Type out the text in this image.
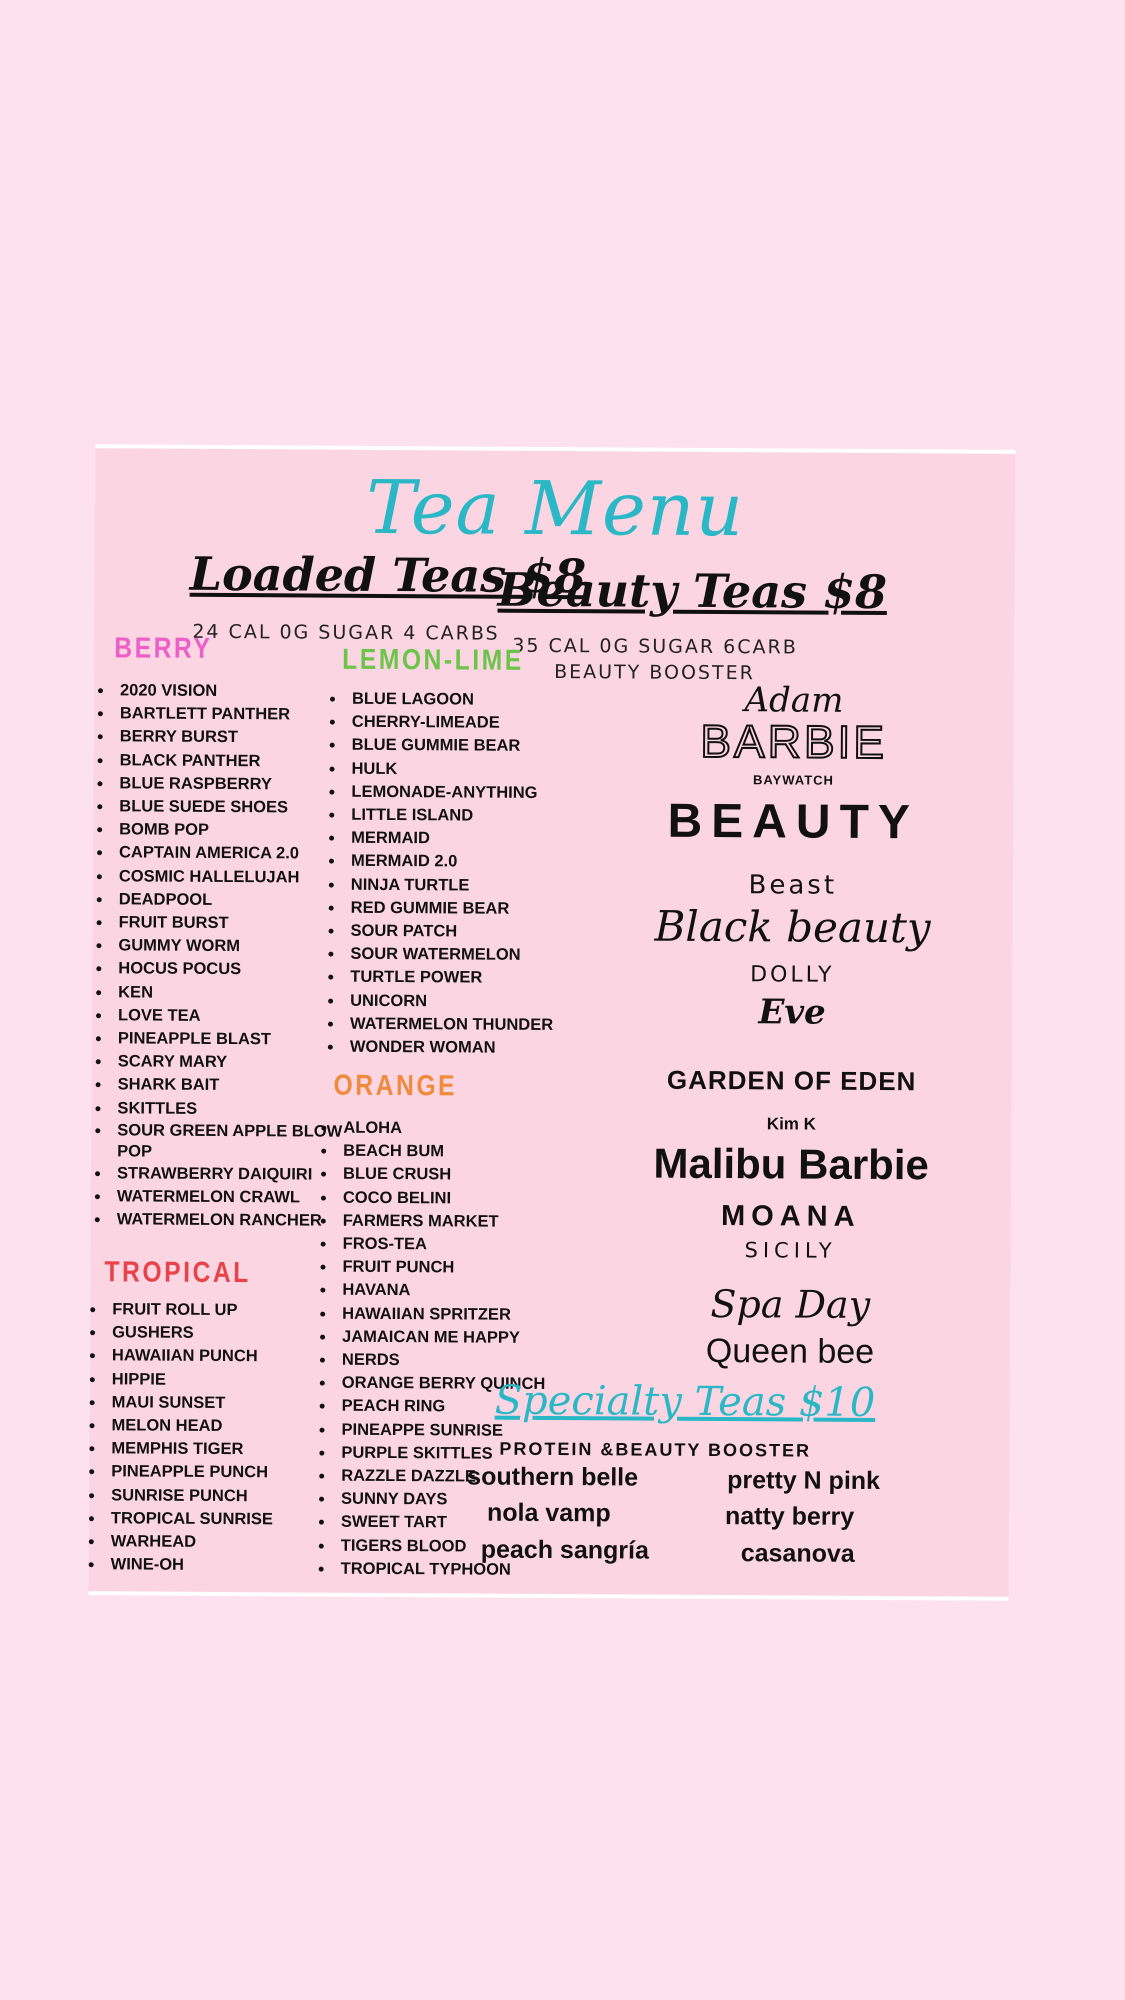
Tea Menu
Loaded Teas $8
24 CAL 0G SUGAR 4 CARBS
Beauty Teas $8
35 CAL 0G SUGAR 6CARB
BEAUTY BOOSTER
BERRY
• 2020 VISION
• BARTLETT PANTHER
• BERRY BURST
• BLACK PANTHER
• BLUE RASPBERRY
• BLUE SUEDE SHOES
• BOMB POP
• CAPTAIN AMERICA 2.0
• COSMIC HALLELUJAH
• DEADPOOL
• FRUIT BURST
• GUMMY WORM
• HOCUS POCUS
• KEN
• LOVE TEA
• PINEAPPLE BLAST
• SCARY MARY
• SHARK BAIT
• SKITTLES
• SOUR GREEN APPLE BLOW POP
• STRAWBERRY DAIQUIRI
• WATERMELON CRAWL
• WATERMELON RANCHER
TROPICAL
• FRUIT ROLL UP
• GUSHERS
• HAWAIIAN PUNCH
• HIPPIE
• MAUI SUNSET
• MELON HEAD
• MEMPHIS TIGER
• PINEAPPLE PUNCH
• SUNRISE PUNCH
• TROPICAL SUNRISE
• WARHEAD
• WINE-OH
LEMON-LIME
• BLUE LAGOON
• CHERRY-LIMEADE
• BLUE GUMMIE BEAR
• HULK
• LEMONADE-ANYTHING
• LITTLE ISLAND
• MERMAID
• MERMAID 2.0
• NINJA TURTLE
• RED GUMMIE BEAR
• SOUR PATCH
• SOUR WATERMELON
• TURTLE POWER
• UNICORN
• WATERMELON THUNDER
• WONDER WOMAN
ORANGE
• ALOHA
• BEACH BUM
• BLUE CRUSH
• COCO BELINI
• FARMERS MARKET
• FROS-TEA
• FRUIT PUNCH
• HAVANA
• HAWAIIAN SPRITZER
• JAMAICAN ME HAPPY
• NERDS
• ORANGE BERRY QUINCH
• PEACH RING
• PINEAPPE SUNRISE
• PURPLE SKITTLES
• RAZZLE DAZZLE
• SUNNY DAYS
• SWEET TART
• TIGERS BLOOD
• TROPICAL TYPHOON
Adam
BARBIE
BAYWATCH
BEAUTY
Beast
Black beauty
DOLLY
Eve
GARDEN OF EDEN
Kim K
Malibu Barbie
MOANA
SICILY
Spa Day
Queen bee
Specialty Teas $10
PROTEIN &BEAUTY BOOSTER
southern belle	pretty N pink
nola vamp	natty berry
peach sangría	casanova
